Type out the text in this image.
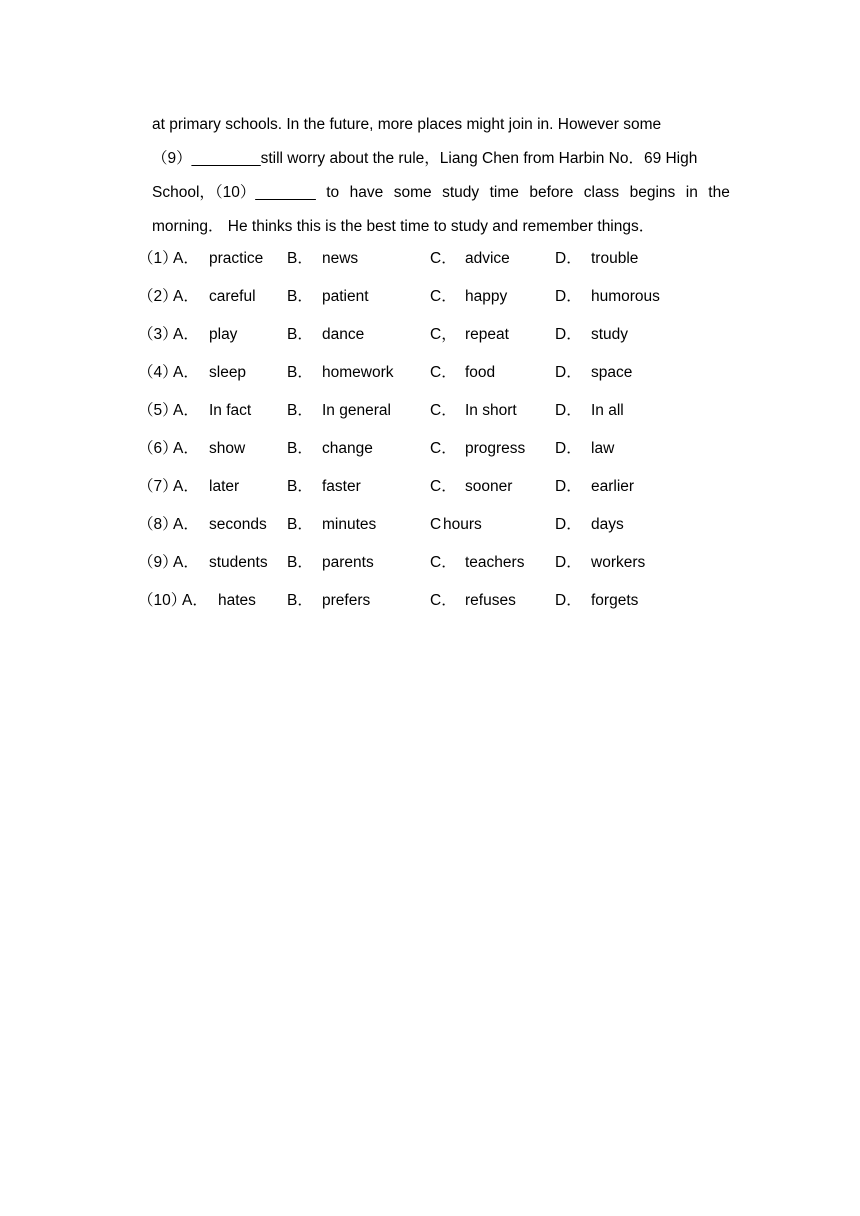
at primary schools. In the future, more places might join in. However some
（9）________still worry about the rule，Liang Chen from Harbin No．69 High
School，（10）_______ to have some study time before class begins in the
morning． He thinks this is the best time to study and remember things．
（1）
A． practice B． news	C． advice	D． trouble
（2）
A． careful B． patient	C． happy	D． humorous
（3）
A． play	B． dance	C， repeat	D． study
（4）
A． sleep	B． homework C． food	D． space
（5）
A． In fact B． In general	C． In short D． In all
（6）
A． show	B． change	C． progress D． law
（7）
A． later	B． faster	C． sooner	D． earlier
（8）
A． seconds B． minutes	C hours	D． days
（9）
A． students B． parents	C． teachers D． workers
（10）
A． hates B． prefers	C． refuses	D． forgets
